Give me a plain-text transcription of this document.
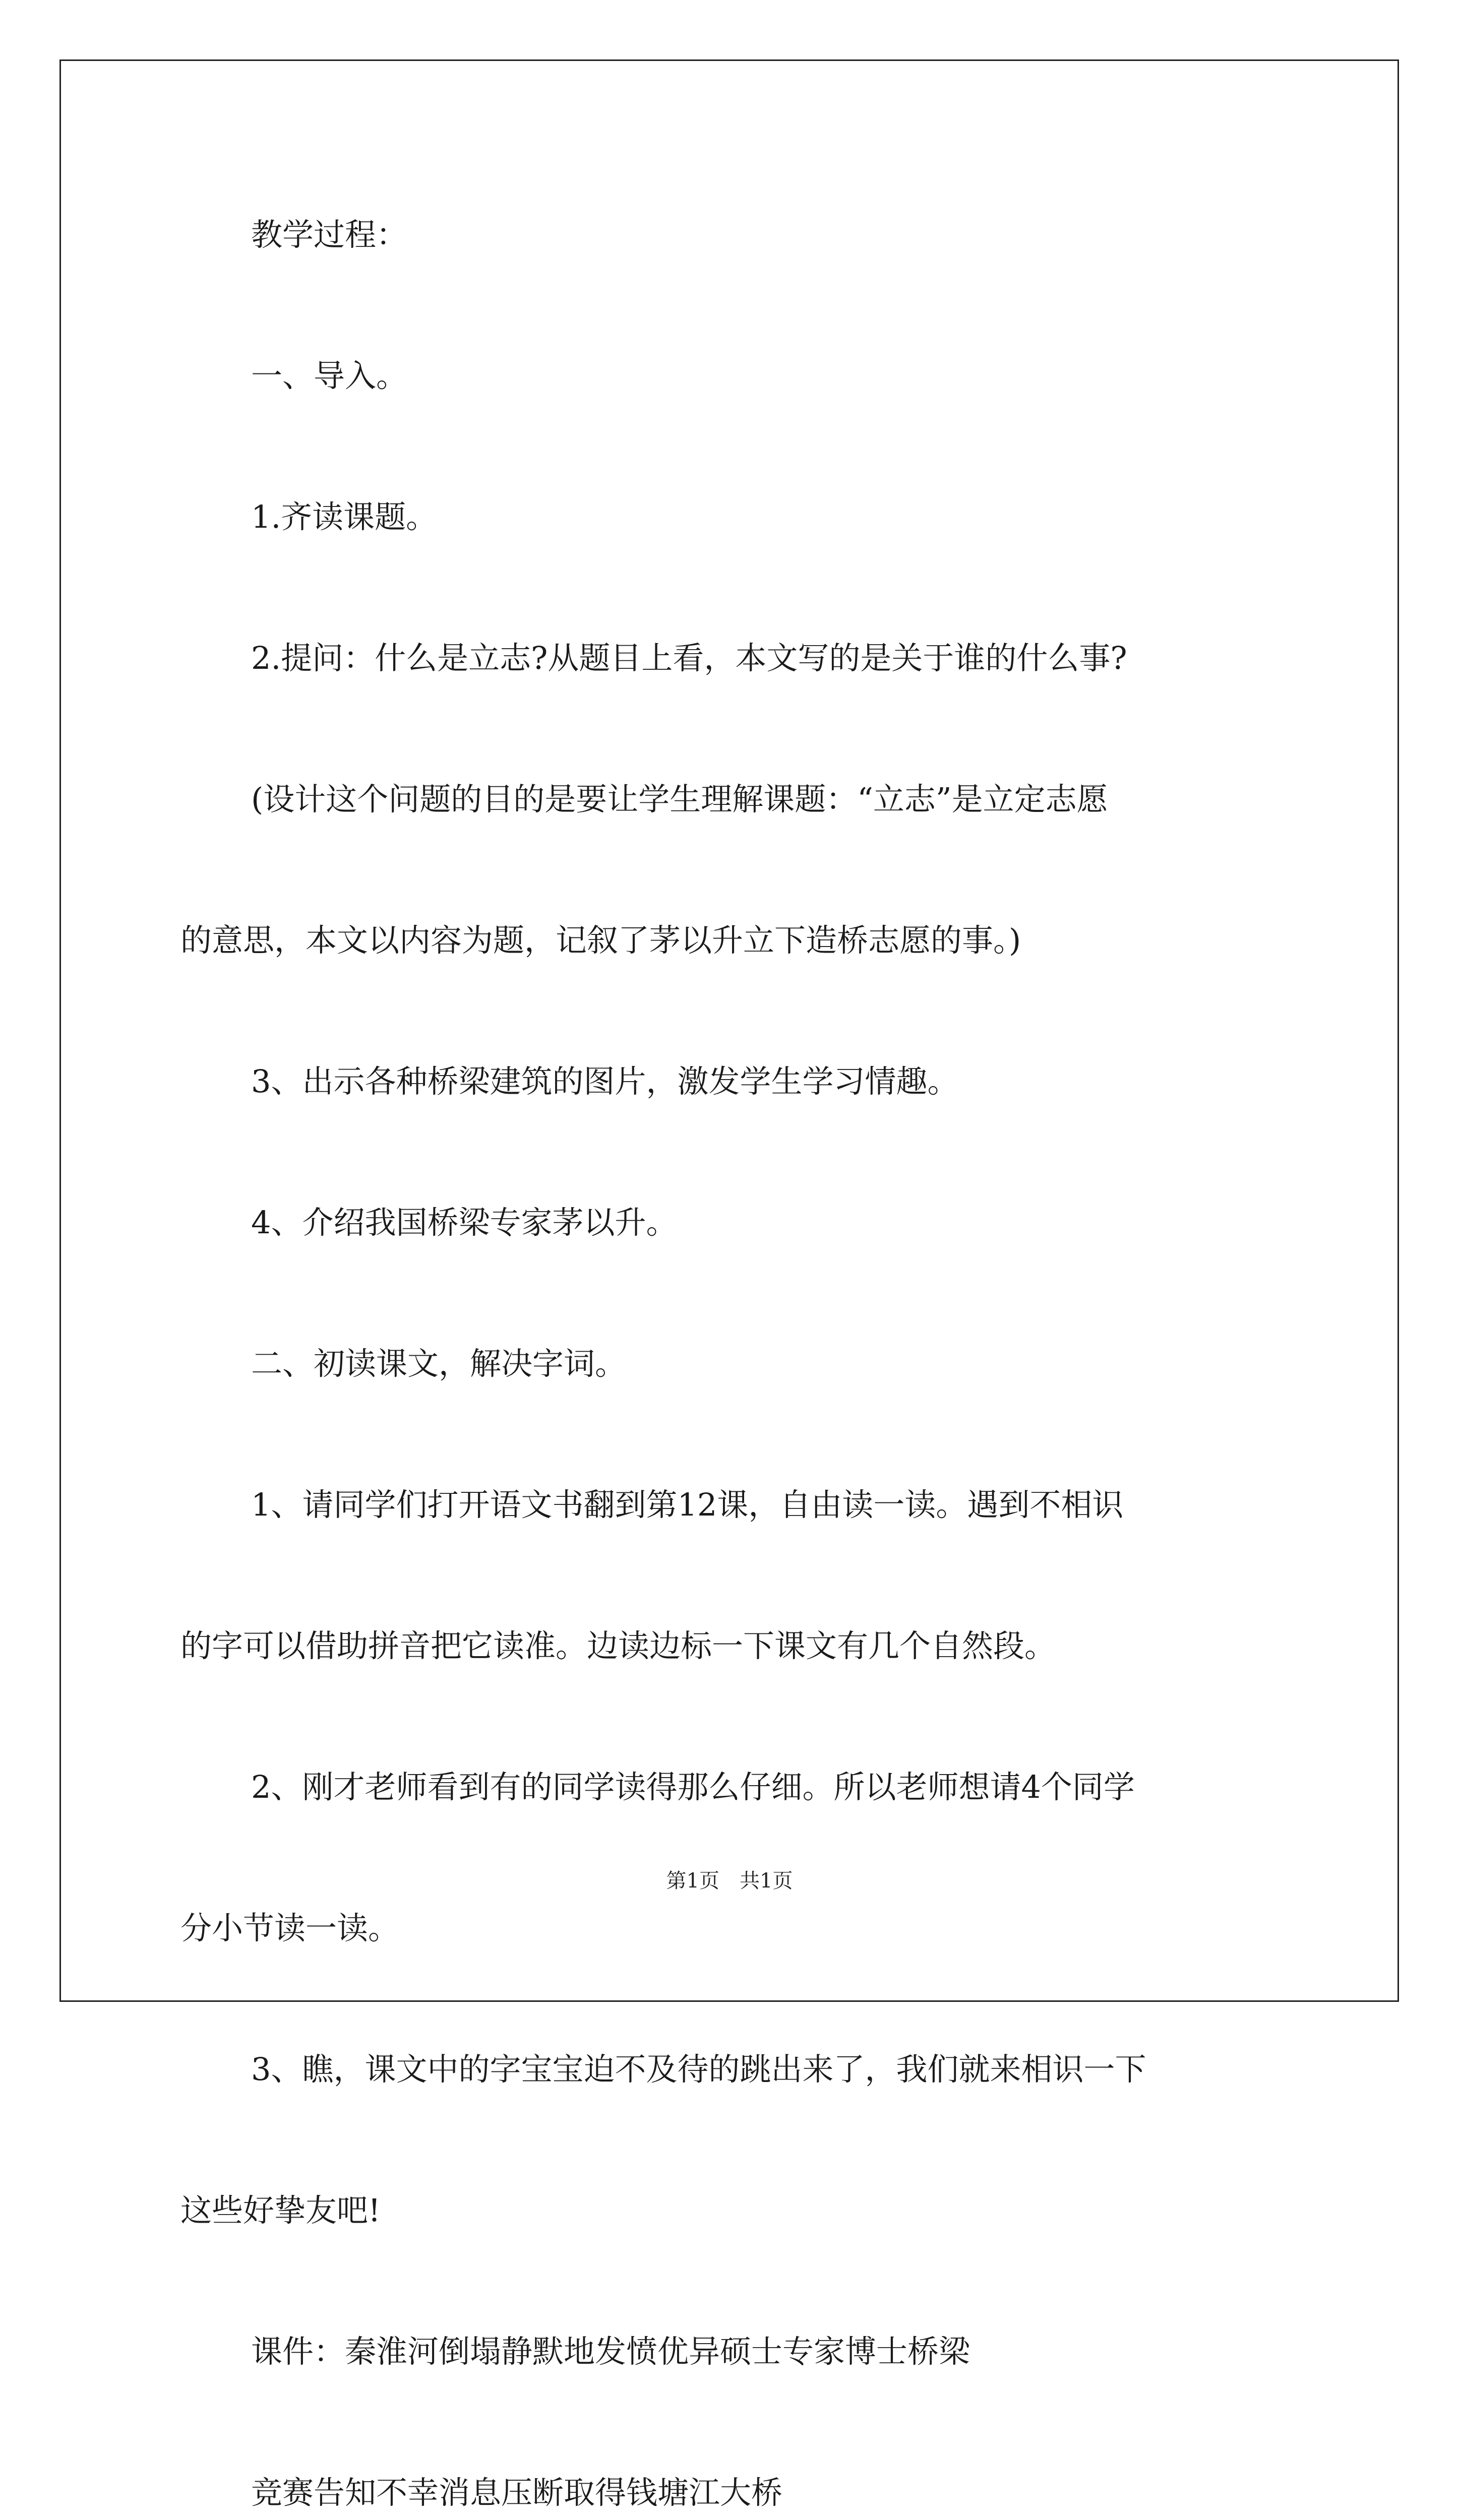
教学过程：

一、导入。

1.齐读课题。

2.提问：什么是立志?从题目上看，本文写的是关于谁的什么事?

(设计这个问题的目的是要让学生理解课题：“立志”是立定志愿
的意思，本文以内容为题，记叙了茅以升立下造桥志愿的事。)

3、出示各种桥梁建筑的图片，激发学生学习情趣。

4、介绍我国桥梁专家茅以升。

二、初读课文，解决字词。

1、请同学们打开语文书翻到第12课，自由读一读。遇到不相识
的字可以借助拼音把它读准。边读边标一下课文有几个自然段。
2、刚才老师看到有的同学读得那么仔细。所以老师想请4个同学
分小节读一读。
3、瞧，课文中的字宝宝迫不及待的跳出来了，我们就来相识一下
这些好挚友吧!

课件：秦淮河倒塌静默地发愤优异硕士专家博士桥梁

竞赛告知不幸消息压断取得钱塘江大桥

第1页　共1页
